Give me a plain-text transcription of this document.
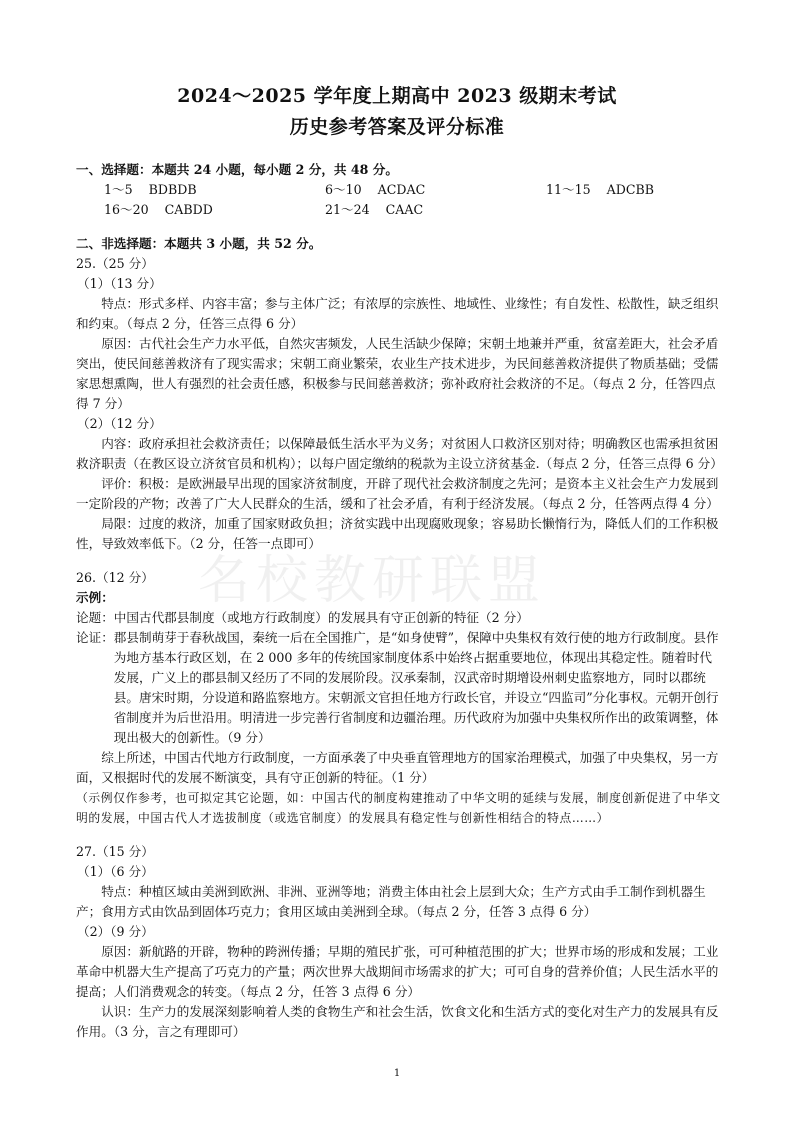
2024～2025 学年度上期高中 2023 级期末考试
历史参考答案及评分标准
名校教研联盟

一、选择题：本题共 24 小题，每小题 2 分，共 48 分。

1～5    BDBDB	6～10    ACDAC	11～15    ADCBB
16～20    CABDD	21～24    CAAC

二、非选择题：本题共 3 小题，共 52 分。

25.（25 分）

（1）（13 分）

特点：形式多样、内容丰富；参与主体广泛；有浓厚的宗族性、地域性、业缘性；有自发性、松散性，缺乏组织和约束。（每点 2 分，任答三点得 6 分）

原因：古代社会生产力水平低，自然灾害频发，人民生活缺少保障；宋朝土地兼并严重，贫富差距大，社会矛盾突出，使民间慈善救济有了现实需求；宋朝工商业繁荣，农业生产技术进步，为民间慈善救济提供了物质基础；受儒家思想熏陶，世人有强烈的社会责任感，积极参与民间慈善救济；弥补政府社会救济的不足。（每点 2 分，任答四点得 7 分）

（2）（12 分）

内容：政府承担社会救济责任；以保障最低生活水平为义务；对贫困人口救济区别对待；明确教区也需承担贫困救济职责（在教区设立济贫官员和机构）；以每户固定缴纳的税款为主设立济贫基金.（每点 2 分，任答三点得 6 分）

评价：积极：是欧洲最早出现的国家济贫制度，开辟了现代社会救济制度之先河；是资本主义社会生产力发展到一定阶段的产物；改善了广大人民群众的生活，缓和了社会矛盾，有利于经济发展。（每点 2 分，任答两点得 4 分）

局限：过度的救济，加重了国家财政负担；济贫实践中出现腐败现象；容易助长懒惰行为，降低人们的工作积极性，导致效率低下。（2 分，任答一点即可）

26.（12 分）

示例：

论题：中国古代郡县制度（或地方行政制度）的发展具有守正创新的特征（2 分）

论证： 郡县制萌芽于春秋战国，秦统一后在全国推广，是“如身使臂”，保障中央集权有效行使的地方行政制度。县作为地方基本行政区划，在 2 000 多年的传统国家制度体系中始终占据重要地位，体现出其稳定性。随着时代发展，广义上的郡县制又经历了不同的发展阶段。汉承秦制，汉武帝时期增设州刺史监察地方，同时以郡统县。唐宋时期，分设道和路监察地方。宋朝派文官担任地方行政长官，并设立“四监司”分化事权。元朝开创行省制度并为后世沿用。明清进一步完善行省制度和边疆治理。历代政府为加强中央集权所作出的政策调整，体现出极大的创新性。（9 分）

综上所述，中国古代地方行政制度，一方面承袭了中央垂直管理地方的国家治理模式，加强了中央集权，另一方面，又根据时代的发展不断演变，具有守正创新的特征。（1 分）

（示例仅作参考，也可拟定其它论题，如：中国古代的制度构建推动了中华文明的延续与发展，制度创新促进了中华文明的发展，中国古代人才选拔制度（或选官制度）的发展具有稳定性与创新性相结合的特点……）

27.（15 分）

（1）（6 分）

特点：种植区域由美洲到欧洲、非洲、亚洲等地；消费主体由社会上层到大众；生产方式由手工制作到机器生产；食用方式由饮品到固体巧克力；食用区域由美洲到全球。（每点 2 分，任答 3 点得 6 分）

（2）（9 分）

原因：新航路的开辟，物种的跨洲传播；早期的殖民扩张，可可种植范围的扩大；世界市场的形成和发展；工业革命中机器大生产提高了巧克力的产量；两次世界大战期间市场需求的扩大；可可自身的营养价值；人民生活水平的提高；人们消费观念的转变。（每点 2 分，任答 3 点得 6 分）

认识：生产力的发展深刻影响着人类的食物生产和社会生活，饮食文化和生活方式的变化对生产力的发展具有反作用。（3 分，言之有理即可）

1
